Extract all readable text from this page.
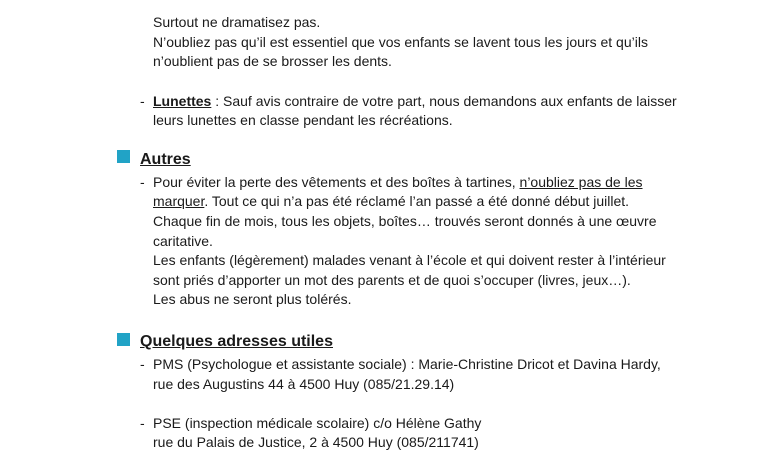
Surtout ne dramatisez pas.
N’oubliez pas qu’il est essentiel que vos enfants se lavent tous les jours et qu’ils
n’oublient pas de se brosser les dents.
- Lunettes : Sauf avis contraire de votre part, nous demandons aux enfants de laisser
leurs lunettes en classe pendant les récréations.
Autres
- Pour éviter la perte des vêtements et des boîtes à tartines, n’oubliez pas de les
marquer. Tout ce qui n’a pas été réclamé l’an passé a été donné début juillet.
Chaque fin de mois, tous les objets, boîtes… trouvés seront donnés à une œuvre
caritative.
Les enfants (légèrement) malades venant à l’école et qui doivent rester à l’intérieur
sont priés d’apporter un mot des parents et de quoi s’occuper (livres, jeux…).
Les abus ne seront plus tolérés.
Quelques adresses utiles
- PMS (Psychologue et assistante sociale) : Marie-Christine Dricot et Davina Hardy,
rue des Augustins 44 à 4500 Huy (085/21.29.14)
- PSE (inspection médicale scolaire) c/o Hélène Gathy
rue du Palais de Justice, 2 à 4500 Huy (085/211741)
